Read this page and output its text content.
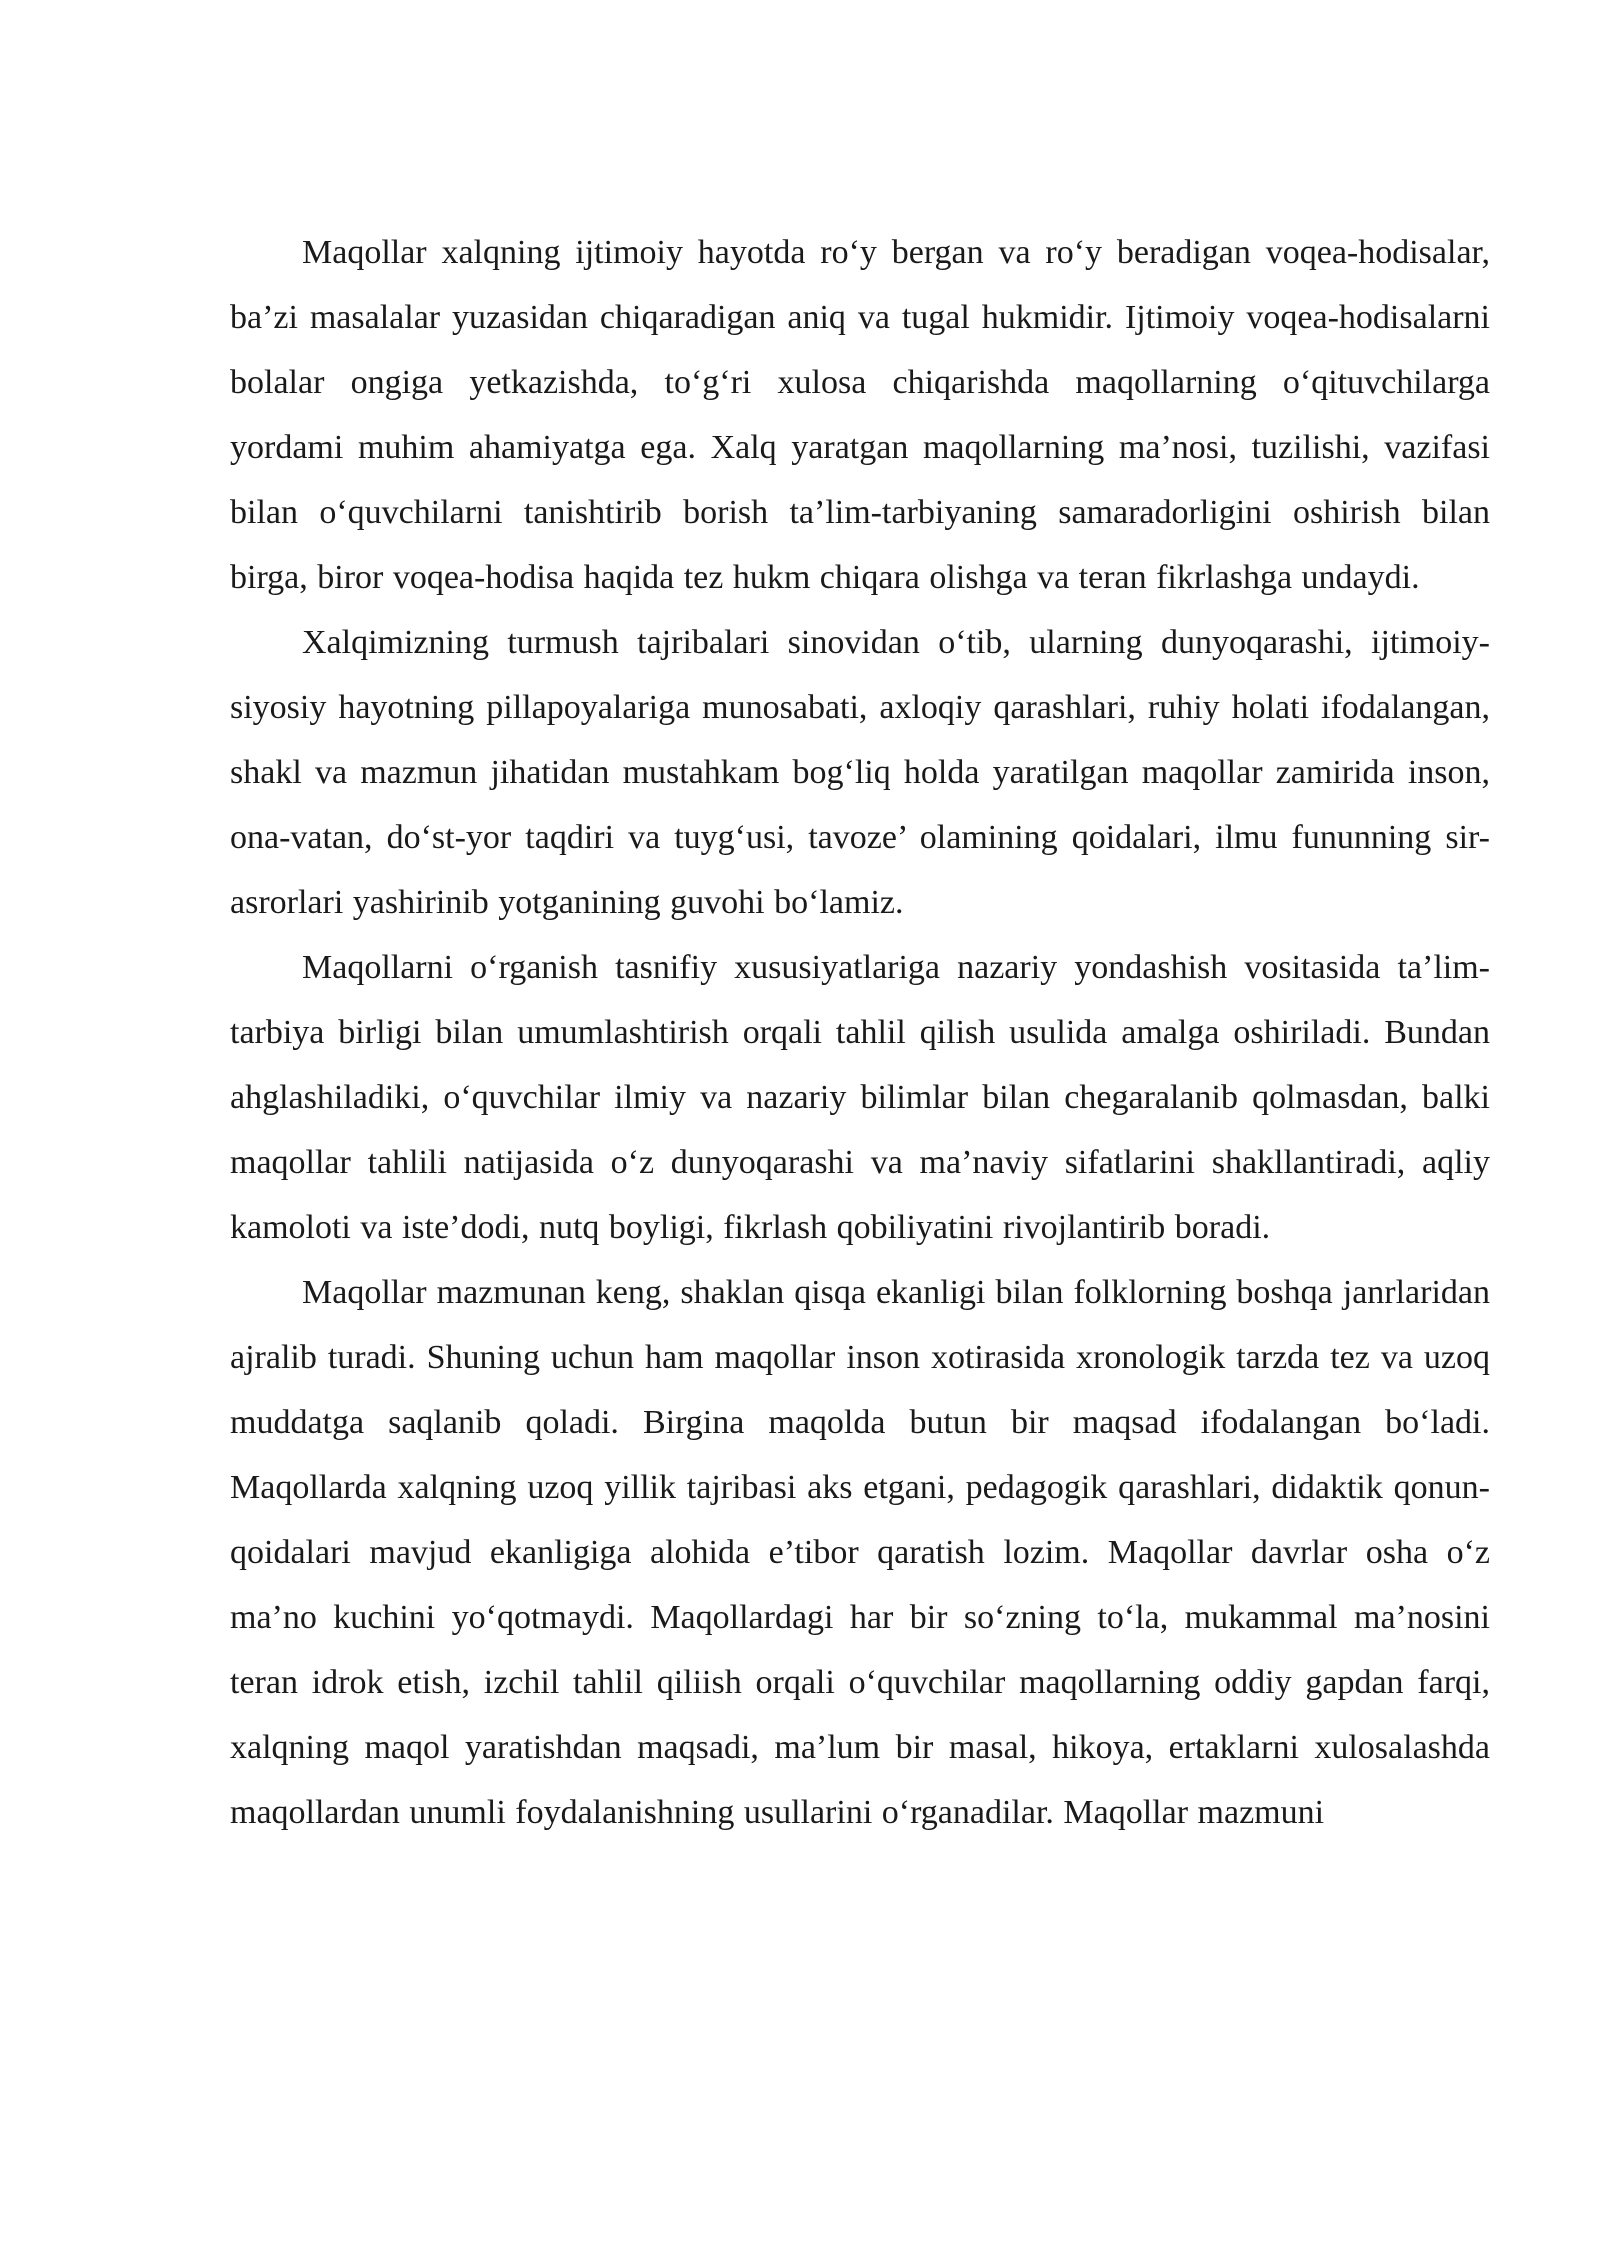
Maqollar xalqning ijtimoiy hayotda ro‘y bergan va ro‘y beradigan voqea-hodisalar, ba’zi masalalar yuzasidan chiqaradigan aniq va tugal hukmidir. Ijtimoiy voqea-hodisalarni bolalar ongiga yetkazishda, to‘g‘ri xulosa chiqarishda maqollarning o‘qituvchilarga yordami muhim ahamiyatga ega. Xalq yaratgan maqollarning ma’nosi, tuzilishi, vazifasi bilan o‘quvchilarni tanishtirib borish ta’lim-tarbiyaning samaradorligini oshirish bilan birga, biror voqea-hodisa haqida tez hukm chiqara olishga va teran fikrlashga undaydi.

Xalqimizning turmush tajribalari sinovidan o‘tib, ularning dunyoqarashi, ijtimoiy-siyosiy hayotning pillapoyalariga munosabati, axloqiy qarashlari, ruhiy holati ifodalangan, shakl va mazmun jihatidan mustahkam bog‘liq holda yaratilgan maqollar zamirida inson, ona-vatan, do‘st-yor taqdiri va tuyg‘usi, tavoze’ olamining qoidalari, ilmu fununning sir-asrorlari yashirinib yotganining guvohi bo‘lamiz.

Maqollarni o‘rganish tasnifiy xususiyatlariga nazariy yondashish vositasida ta’lim-tarbiya birligi bilan umumlashtirish orqali tahlil qilish usulida amalga oshiriladi. Bundan ahglashiladiki, o‘quvchilar ilmiy va nazariy bilimlar bilan chegaralanib qolmasdan, balki maqollar tahlili natijasida o‘z dunyoqarashi va ma’naviy sifatlarini shakllantiradi, aqliy kamoloti va iste’dodi, nutq boyligi, fikrlash qobiliyatini rivojlantirib boradi.

Maqollar mazmunan keng, shaklan qisqa ekanligi bilan folklorning boshqa janrlaridan ajralib turadi. Shuning uchun ham maqollar inson xotirasida xronologik tarzda tez va uzoq muddatga saqlanib qoladi. Birgina maqolda butun bir maqsad ifodalangan bo‘ladi. Maqollarda xalqning uzoq yillik tajribasi aks etgani, pedagogik qarashlari, didaktik qonun-qoidalari mavjud ekanligiga alohida e’tibor qaratish lozim. Maqollar davrlar osha o‘z ma’no kuchini yo‘qotmaydi. Maqollardagi har bir so‘zning to‘la, mukammal ma’nosini teran idrok etish, izchil tahlil qiliish orqali o‘quvchilar maqollarning oddiy gapdan farqi, xalqning maqol yaratishdan maqsadi, ma’lum bir masal, hikoya, ertaklarni xulosalashda maqollardan unumli foydalanishning usullarini o‘rganadilar. Maqollar mazmuni
